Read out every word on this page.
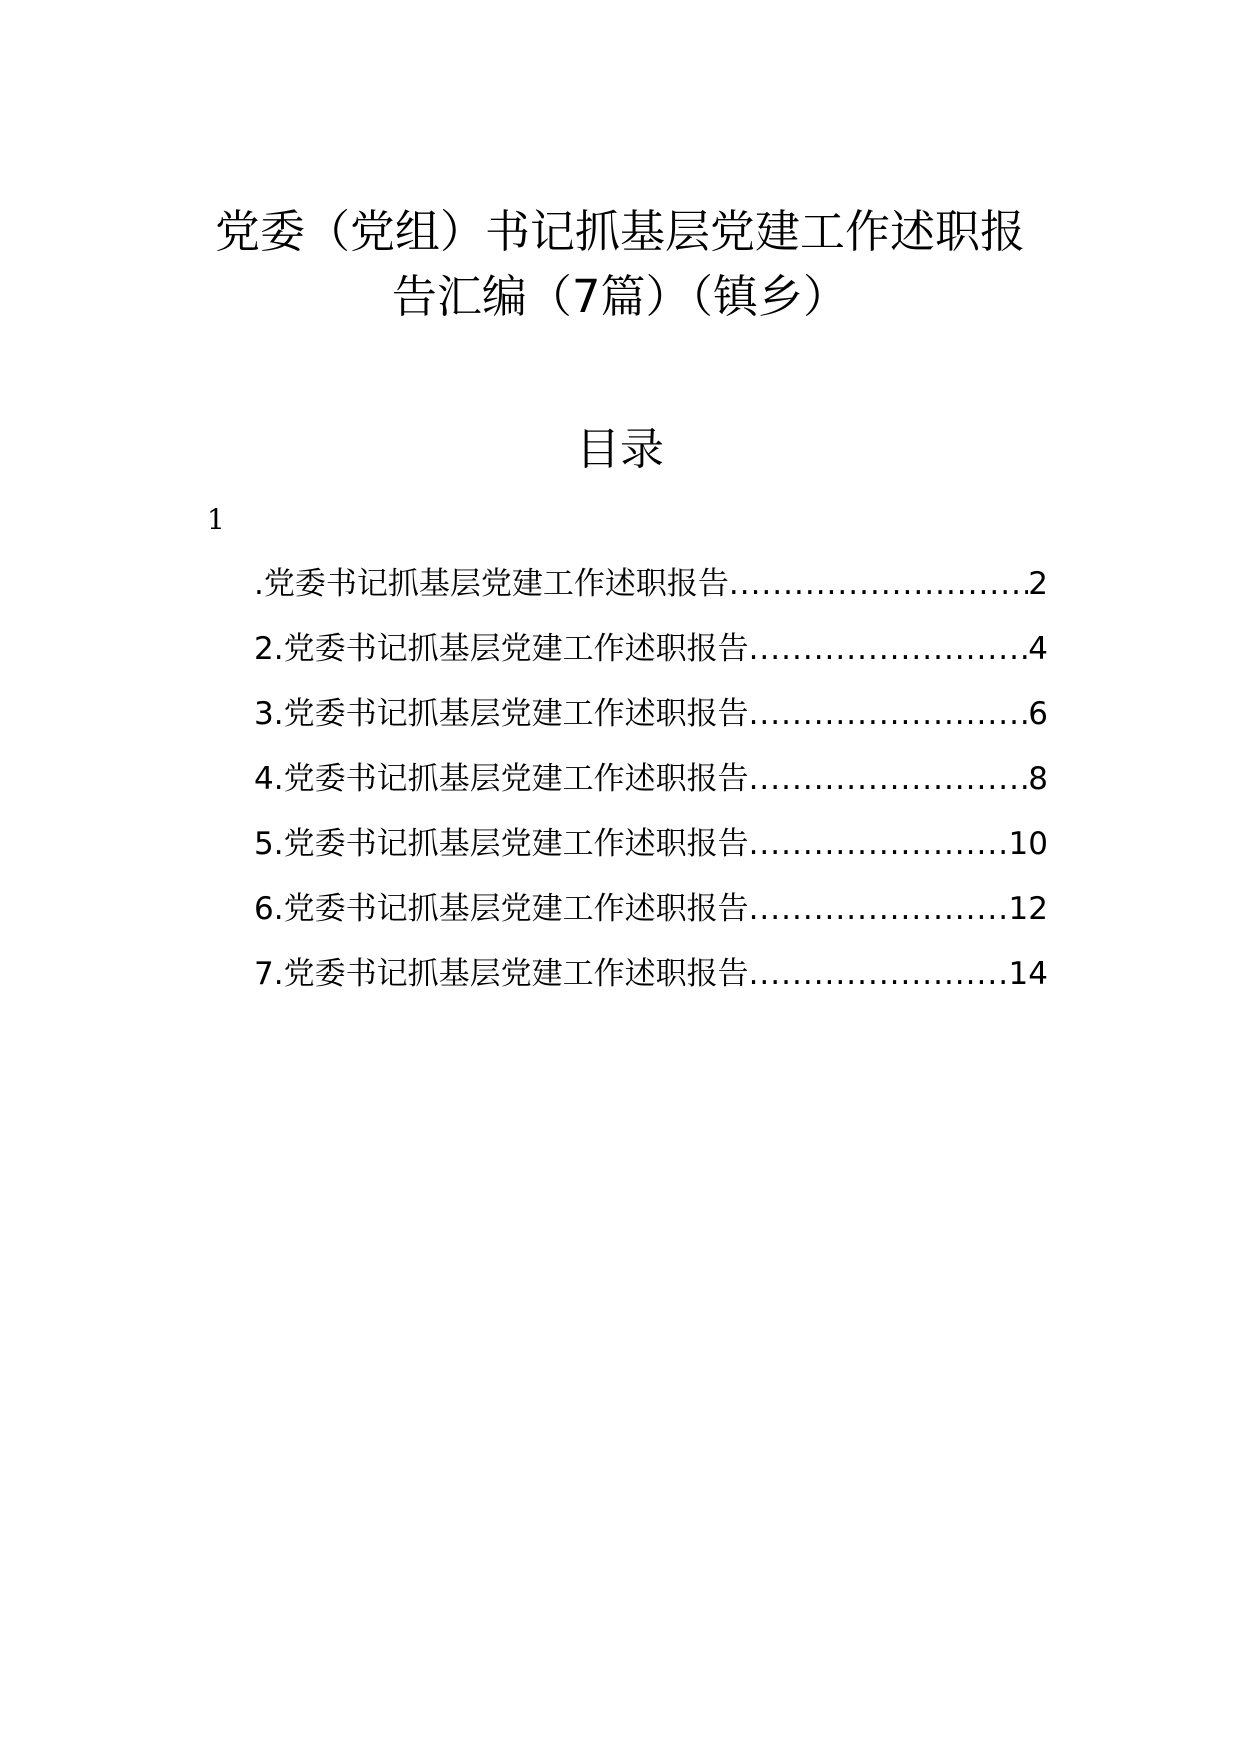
党委（党组）书记抓基层党建工作述职报
告汇编（7篇）（镇乡）
目录
1
.党委书记抓基层党建工作述职报告 .....	2
2.党委书记抓基层党建工作述职报告 .....	4
3.党委书记抓基层党建工作述职报告 .....	6
4.党委书记抓基层党建工作述职报告 .....	8
5.党委书记抓基层党建工作述职报告 .....	10
6.党委书记抓基层党建工作述职报告 .....	12
7.党委书记抓基层党建工作述职报告 .....	14
